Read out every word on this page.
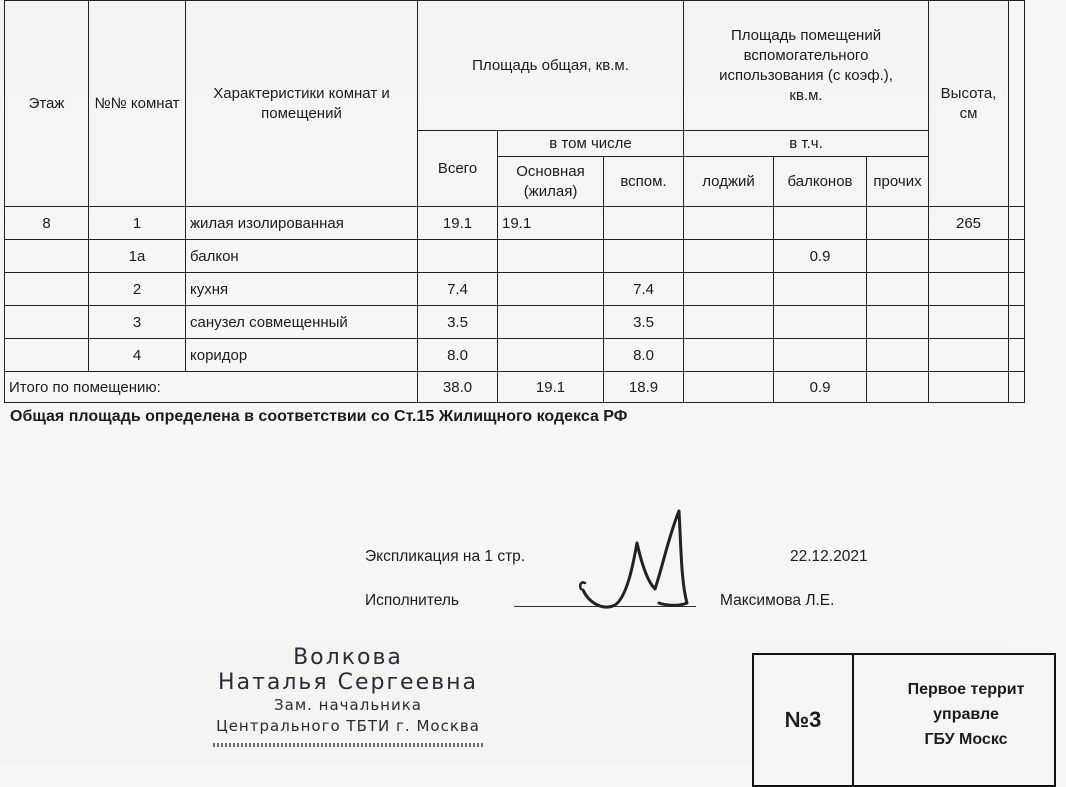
Этаж	№№ комнат	Характеристики комнат и помещений	Площадь общая, кв.м.			Площадь помещений вспомогательного использования (с коэф.), кв.м.			Высота, см	
			Всего	в том числе		в т.ч.				
				Основная (жилая)	вспом.	лоджий	балконов	прочих		
8	1	жилая изолированная	19.1	19.1					265	
	1а	балкон					0.9			
	2	кухня	7.4		7.4					
	3	санузел совмещенный	3.5		3.5					
	4	коридор	8.0		8.0					
Итого по помещению:			38.0	19.1	18.9		0.9			
Общая площадь определена в соответствии со Ст.15 Жилищного кодекса РФ
Экспликация на 1 стр.	22.12.2021
Исполнитель	Максимова Л.Е.
Волкова
Наталья Сергеевна
Зам. начальника
Центрального ТБТИ г. Москва	№3
Первое террит
управле
ГБУ Москс
